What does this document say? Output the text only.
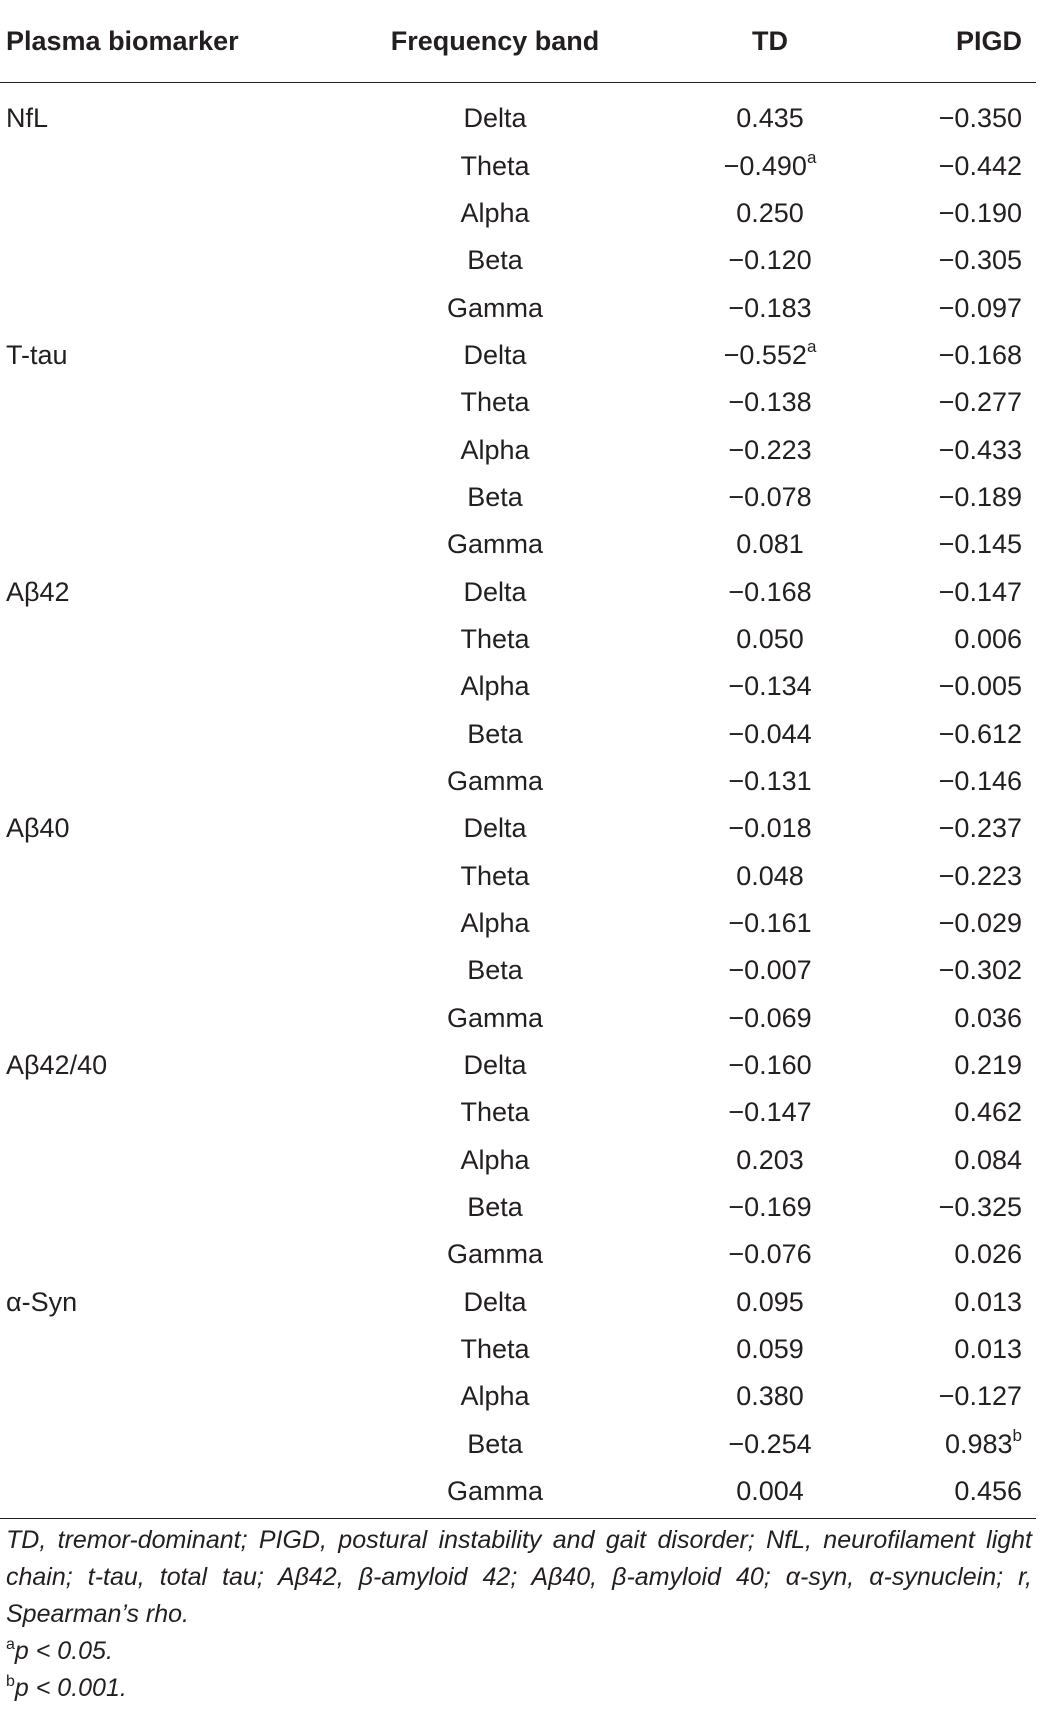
Plasma biomarker	Frequency band	TD	PIGD
NfL	Delta	0.435	−0.350
	Theta	−0.490$^a$	−0.442
	Alpha	0.250	−0.190
	Beta	−0.120	−0.305
	Gamma	−0.183	−0.097
T-tau	Delta	−0.552$^a$	−0.168
	Theta	−0.138	−0.277
	Alpha	−0.223	−0.433
	Beta	−0.078	−0.189
	Gamma	0.081	−0.145
Aβ42	Delta	−0.168	−0.147
	Theta	0.050	0.006
	Alpha	−0.134	−0.005
	Beta	−0.044	−0.612
	Gamma	−0.131	−0.146
Aβ40	Delta	−0.018	−0.237
	Theta	0.048	−0.223
	Alpha	−0.161	−0.029
	Beta	−0.007	−0.302
	Gamma	−0.069	0.036
Aβ42/40	Delta	−0.160	0.219
	Theta	−0.147	0.462
	Alpha	0.203	0.084
	Beta	−0.169	−0.325
	Gamma	−0.076	0.026
α-Syn	Delta	0.095	0.013
	Theta	0.059	0.013
	Alpha	0.380	−0.127
	Beta	−0.254	0.983$^b$
	Gamma	0.004	0.456
TD, tremor-dominant; PIGD, postural instability and gait disorder; NfL, neurofilament light chain; t-tau, total tau; Aβ42, β-amyloid 42; Aβ40, β-amyloid 40; α-syn, α-synuclein; r, Spearman’s rho.
$^a$p < 0.05.
$^b$p < 0.001.
